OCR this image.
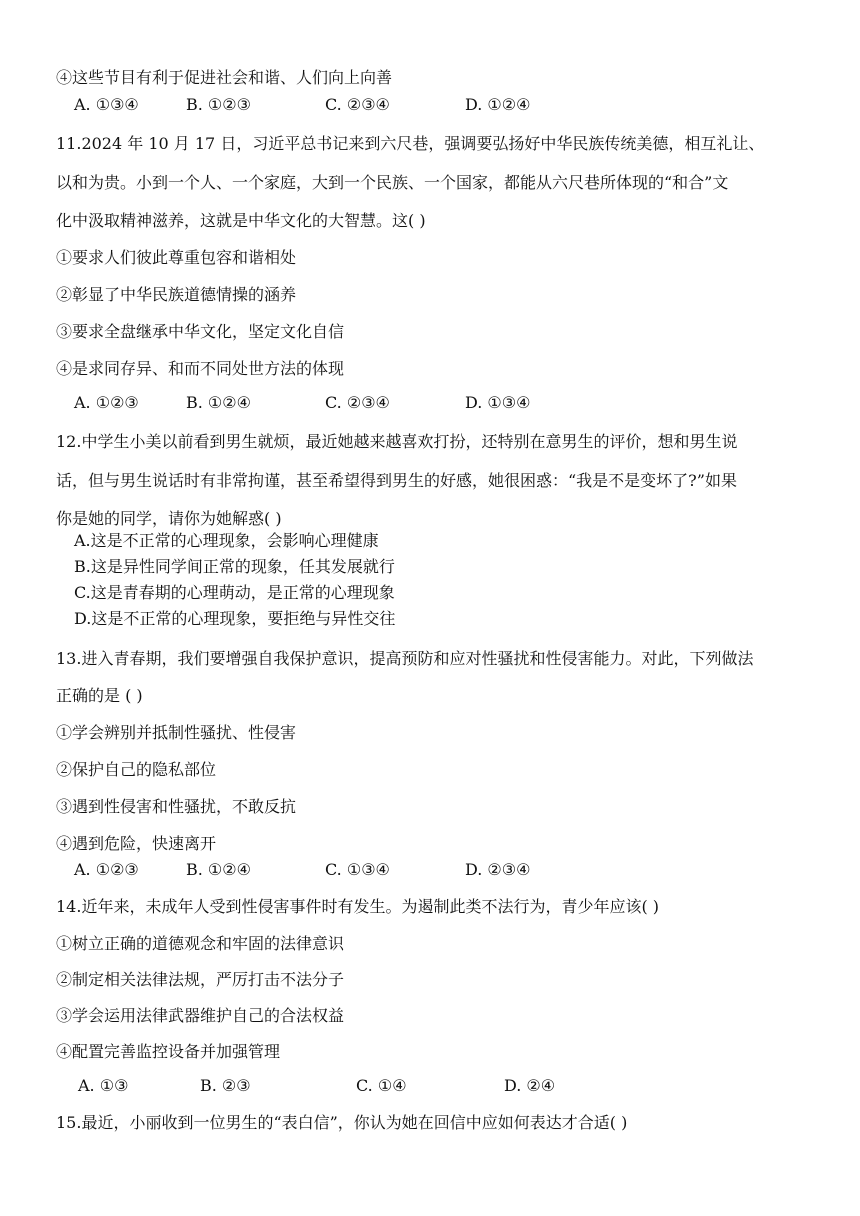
④这些节目有利于促进社会和谐、人们向上向善
A. ①③④	B. ①②③	C. ②③④	D. ①②④
11.2024 年 10 月 17 日，习近平总书记来到六尺巷，强调要弘扬好中华民族传统美德，相互礼让、
以和为贵。小到一个人、一个家庭，大到一个民族、一个国家，都能从六尺巷所体现的“和合”文
化中汲取精神滋养，这就是中华文化的大智慧。这( )
①要求人们彼此尊重包容和谐相处
②彰显了中华民族道德情操的涵养
③要求全盘继承中华文化，坚定文化自信
④是求同存异、和而不同处世方法的体现
A. ①②③	B. ①②④	C. ②③④	D. ①③④
12.中学生小美以前看到男生就烦，最近她越来越喜欢打扮，还特别在意男生的评价，想和男生说
话，但与男生说话时有非常拘谨，甚至希望得到男生的好感，她很困惑：“我是不是变坏了?”如果
你是她的同学，请你为她解惑( )
A.这是不正常的心理现象，会影响心理健康
B.这是异性同学间正常的现象，任其发展就行
C.这是青春期的心理萌动，是正常的心理现象
D.这是不正常的心理现象，要拒绝与异性交往
13.进入青春期，我们要增强自我保护意识，提高预防和应对性骚扰和性侵害能力。对此，下列做法
正确的是 ( )
①学会辨别并抵制性骚扰、性侵害
②保护自己的隐私部位
③遇到性侵害和性骚扰，不敢反抗
④遇到危险，快速离开
A. ①②③	B. ①②④	C. ①③④	D. ②③④
14.近年来，未成年人受到性侵害事件时有发生。为遏制此类不法行为，青少年应该( )
①树立正确的道德观念和牢固的法律意识
②制定相关法律法规，严厉打击不法分子
③学会运用法律武器维护自己的合法权益
④配置完善监控设备并加强管理
A. ①③	B. ②③	C. ①④	D. ②④
15.最近，小丽收到一位男生的“表白信”，你认为她在回信中应如何表达才合适( )
